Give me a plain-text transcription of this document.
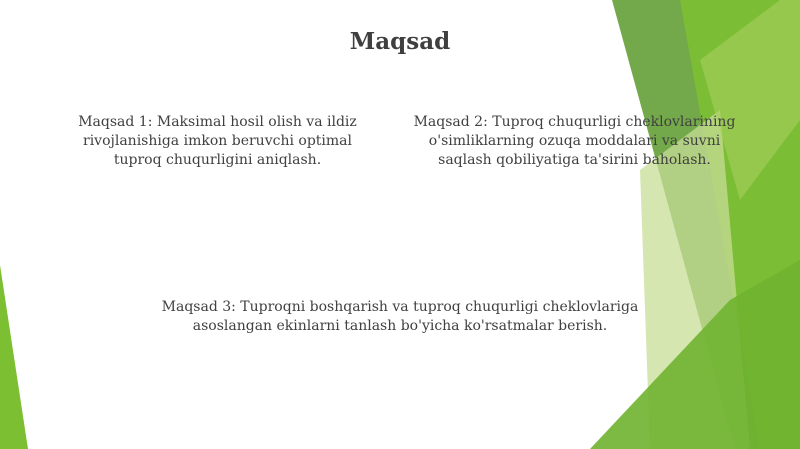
Maqsad
Maqsad 1: Maksimal hosil olish va ildiz rivojlanishiga imkon beruvchi optimal tuproq chuqurligini aniqlash.
Maqsad 2: Tuproq chuqurligi cheklovlarining o'simliklarning ozuqa moddalari va suvni saqlash qobiliyatiga ta'sirini baholash.
Maqsad 3: Tuproqni boshqarish va tuproq chuqurligi cheklovlariga asoslangan ekinlarni tanlash bo'yicha ko'rsatmalar berish.
